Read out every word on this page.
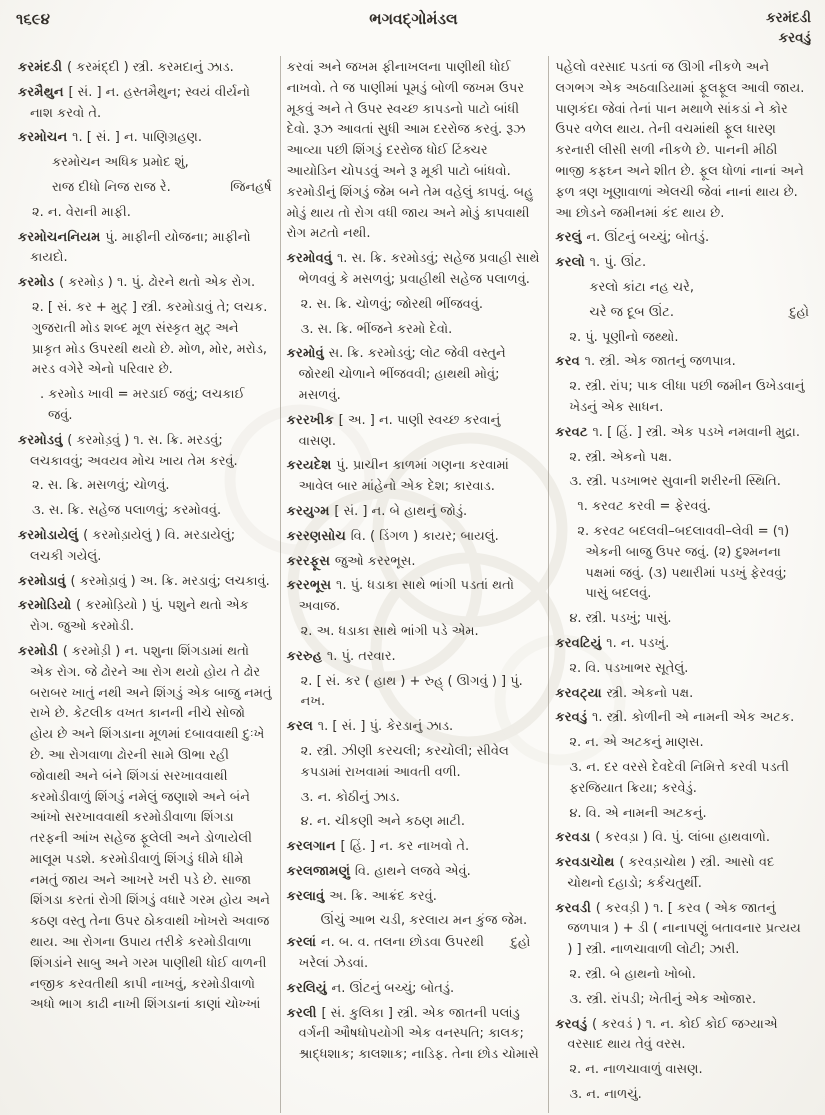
૧૬૯૪	ભગવદ્ગોમંડલ	કરમંદડી
કરવડું

કરમંદડી ( કરમંદ્દી ) સ્ત્રી. કરમદાનું ઝાડ.

કરમૈથુન [ સં. ] ન. હસ્તમૈથુન; સ્વયં વીર્યનો નાશ કરવો તે.

કરમોચન ૧. [ સં. ] ન. પાણિગ્રહણ.

કરમોચન અધિક પ્રમોદ શું,

જિનહર્ષ
રાજ દીધો નિજ રાજ રે.

૨. ન. વેરાની માફી.

કરમોચનનિયમ પું. માફીની યોજના; માફીનો કાયદો.

કરમોડ ( કરમોડ઼ ) ૧. પું. ઢોરને થતો એક રોગ.

૨. [ સં. કર + મુટ્ ] સ્ત્રી. કરમોડાવું તે; લચક. ગુજરાતી મોડ શબ્દ મૂળ સંસ્કૃત મુટ્ અને પ્રાકૃત મોડ ઉપરથી થયો છે. મોળ, મોર, મરોડ, મરડ વગેરે એનો પરિવાર છે.

. કરમોડ ખાવી = મરડાઈ જવું; લચકાઈ જવું.

કરમોડવું ( કરમોડ઼વું ) ૧. સ. ક્રિ. મરડવું; લચકાવવું; અવયવ મોચ ખાય તેમ કરવું.

૨. સ. ક્રિ. મસળવું; ચોળવું.

૩. સ. ક્રિ. સહેજ પલાળવું; કરમોવવું.

કરમોડાયેલું ( કરમોડ઼ાયેલું ) વિ. મરડાયેલું; લચકી ગયેલું.

કરમોડાવું ( કરમોડ઼ાવું ) અ. ક્રિ. મરડાવું; લચકાવું.

કરમોડિયો ( કરમોડ઼િયો ) પું. પશુને થતો એક રોગ. જુઓ કરમોડી.

કરમોડી ( કરમોડ઼ી ) ન. પશુના શિંગડામાં થતો એક રોગ. જે ઢોરને આ રોગ થયો હોય તે ઢોર બરાબર ખાતું નથી અને શિંગડું એક બાજુ નમતું રાખે છે. કેટલીક વખત કાનની નીચે સોજો હોય છે અને શિંગડાના મૂળમાં દબાવવાથી દુઃખે છે. આ રોગવાળા ઢોરની સામે ઊભા રહી જોવાથી અને બંને શિંગડાં સરખાવવાથી કરમોડીવાળું શિંગડું નમેલું જણાશે અને બંને આંખો સરખાવવાથી કરમોડીવાળા શિંગડા તરફની આંખ સહેજ ફૂલેલી અને ડોળાયેલી માલૂમ પડશે. કરમોડીવાળું શિંગડું ધીમે ધીમે નમતું જાય અને આખરે ખરી પડે છે. સાજા શિંગડા કરતાં રોગી શિંગડું વધારે ગરમ હોય અને કઠણ વસ્તુ તેના ઉપર ઠોકવાથી ખોખરો અવાજ થાય. આ રોગના ઉપાય તરીકે કરમોડીવાળા શિંગડાંને સાબુ અને ગરમ પાણીથી ધોઈ વાળની નજીક કરવતીથી કાપી નાખવું, કરમોડીવાળો અધો ભાગ કાઢી નાખી શિંગડાનાં કાણાં ચોખ્ખાં

કરવાં અને જખમ ફીનાખલના પાણીથી ધોઈ નાખવો. તે જ પાણીમાં પૂમડું બોળી જખમ ઉપર મૂકવું અને તે ઉપર સ્વચ્છ કાપડનો પાટો બાંધી દેવો. રૂઝ આવતાં સુધી આમ દરરોજ કરવું. રૂઝ આવ્યા પછી શિંગડું દરરોજ ધોઈ ટિંક્ચર આયોડિન ચોપડવું અને રૂ મૂકી પાટો બાંધવો. કરમોડીનું શિંગડું જેમ બને તેમ વહેલું કાપવું. બહુ મોડું થાય તો રોગ વધી જાય અને મોડું કાપવાથી રોગ મટતો નથી.

કરમોવવું ૧. સ. ક્રિ. કરમોડવું; સહેજ પ્રવાહી સાથે ભેળવવું કે મસળવું; પ્રવાહીથી સહેજ પલાળવું.

૨. સ. ક્રિ. ચોળવું; જોરથી ભીંજવવું.

૩. સ. ક્રિ. ભીંજને કરમો દેવો.

કરમોવું સ. ક્રિ. કરમોડવું; લોટ જેવી વસ્તુને જોરથી ચોળાને ભીંજવવી; હાથથી મોવું; મસળવું.

કરરખીક [ અ. ] ન. પાણી સ્વચ્છ કરવાનું વાસણ.

કરયદેશ પું. પ્રાચીન કાળમાં ગણના કરવામાં આવેલ બાર માંહેનો એક દેશ; કારવાડ.

કરયુગ્મ [ સં. ] ન. બે હાથનું જોડું.

કરરણસોચ વિ. ( ડિંગળ ) કાયર; બાયલું.

કરરફૂસ જુઓ કરરભૂસ.

કરરભૂસ ૧. પું. ધડાકા સાથે ભાંગી પડતાં થતો અવાજ.

૨. અ. ધડાકા સાથે ભાંગી પડે એમ.

કરરુહ ૧. પું. તરવાર.

૨. [ સં. કર ( હાથ ) + રુહ્ ( ઊગવું ) ] પું. નખ.

કરલ ૧. [ સં. ] પું. કેરડાનું ઝાડ.

૨. સ્ત્રી. ઝીણી કરચલી; કરચોલી; સીવેલ કપડામાં રાખવામાં આવતી વળી.

૩. ન. કોઠીનું ઝાડ.

૪. ન. ચીકણી અને કઠણ માટી.

કરલગાન [ હિં. ] ન. કર નાખવો તે.

કરલજામણું વિ. હાથને લજવે એવું.

કરલાવું અ. ક્રિ. આક્રંદ કરવું.

ઊંચું આભ ચડી, કરલાય મન કુંજ જેમ.

દુહો

કરલાં ન. બ. વ. તલના છોડવા ઉપરથી ખરેલાં ઝેડવાં.

કરલિયું ન. ઊંટનું બચ્ચું; બોતડું.

કરલી [ સં. કુલિકા ] સ્ત્રી. એક જાતની પલાંડુ વર્ગની ઔષધોપયોગી એક વનસ્પતિ; કાલક; શ્રાદ્ધશાક; કાલશાક; નાડિફ. તેના છોડ ચોમાસે

પહેલો વરસાદ પડતાં જ ઊગી નીકળે અને લગભગ એક અઠવાડિયામાં ફૂલફૂલ આવી જાય. પાણકંદા જેવાં તેનાં પાન મથાળે સાંકડાં ને કોર ઉપર વળેલ થાય. તેની વચમાંથી ફૂલ ધારણ કરનારી લીસી સળી નીકળે છે. પાનની મીઠી ભાજી કફઘ્ન અને શીત છે. ફૂલ ધોળાં નાનાં અને ફળ ત્રણ ખૂણાવાળાં એલચી જેવાં નાનાં થાય છે. આ છોડને જમીનમાં કંદ થાય છે.

કરલું ન. ઊંટનું બચ્ચું; બોતડું.

કરલો ૧. પું. ઊંટ.

કરલો કાંટા નહ ચરે,

દુહો
ચરે જ દૂબ ઊંટ.

૨. પું. પૂણીનો જથ્થો.

કરવ ૧. સ્ત્રી. એક જાતનું જળપાત્ર.

૨. સ્ત્રી. રાંપ; પાક લીધા પછી જમીન ઉખેડવાનું ખેડનું એક સાધન.

કરવટ ૧. [ હિં. ] સ્ત્રી. એક પડખે નમવાની મુદ્રા.

૨. સ્ત્રી. એકનો પક્ષ.

૩. સ્ત્રી. પડખાભર સુવાની શરીરની સ્થિતિ.

૧. કરવટ કરવી = ફેરવવું.

૨. કરવટ બદલવી–બદલાવવી–લેવી = (૧) એકની બાજુ ઉપર જવું. (૨) દુશ્મનના પક્ષમાં જવું. (૩) પથારીમાં પડખું ફેરવવું; પાસું બદલવું.

૪. સ્ત્રી. પડખું; પાસું.

કરવટિયું ૧. ન. પડખું.

૨. વિ. પડખાભર સૂતેલું.

કરવટ્યા સ્ત્રી. એકનો પક્ષ.

કરવડું ૧. સ્ત્રી. કોળીની એ નામની એક અટક.

૨. ન. એ અટકનું માણસ.

૩. ન. દર વરસે દેવદેવી નિમિત્તે કરવી પડતી ફરજિયાત ક્રિયા; કરવેડું.

૪. વિ. એ નામની અટકનું.

કરવડા ( કરવડ઼ા ) વિ. પું. લાંબા હાથવાળો.

કરવડાચોથ ( કરવડ઼ાચોથ ) સ્ત્રી. આસો વદ ચોથનો દહાડો; કર્કચતુર્થી.

કરવડી ( કરવડ઼ી ) ૧. [ કરવ ( એક જાતનું જળપાત્ર ) + ડી ( નાનાપણું બતાવનાર પ્રત્યય ) ] સ્ત્રી. નાળચાવાળી લોટી; ઝારી.

૨. સ્ત્રી. બે હાથનો ખોબો.

૩. સ્ત્રી. રાંપડી; ખેતીનું એક ઓજાર.

કરવડું ( કરવડં ) ૧. ન. કોઈ કોઈ જગ્યાએ વરસાદ થાય તેવું વરસ.

૨. ન. નાળચાવાળું વાસણ.

૩. ન. નાળચું.
